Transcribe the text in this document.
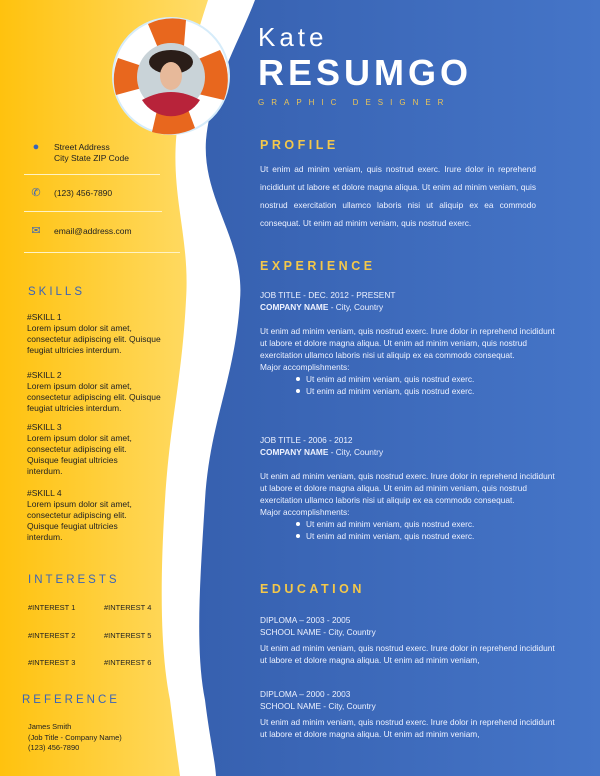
Kate
RESUMGO
GRAPHIC DESIGNER
●	Street Address
City State ZIP Code
✆ (123) 456-7890
✉ email@address.com
SKILLS
#SKILL 1
Lorem ipsum dolor sit amet, consectetur adipiscing elit. Quisque feugiat ultricies interdum.
#SKILL 2
Lorem ipsum dolor sit amet, consectetur adipiscing elit. Quisque feugiat ultricies interdum.
#SKILL 3
Lorem ipsum dolor sit amet, consectetur adipiscing elit. Quisque feugiat ultricies interdum.
#SKILL 4
Lorem ipsum dolor sit amet, consectetur adipiscing elit. Quisque feugiat ultricies interdum.
INTERESTS
#INTEREST 1	#INTEREST 4
#INTEREST 2	#INTEREST 5
#INTEREST 3	#INTEREST 6
REFERENCE
James Smith
(Job Title - Company Name)
(123) 456-7890
PROFILE
Ut enim ad minim veniam, quis nostrud exerc. Irure dolor in reprehend incididunt ut labore et dolore magna aliqua. Ut enim ad minim veniam, quis nostrud exercitation ullamco laboris nisi ut aliquip ex ea commodo consequat. Ut enim ad minim veniam, quis nostrud exerc.
EXPERIENCE
JOB TITLE - DEC. 2012 - PRESENT
COMPANY NAME - City, Country
Ut enim ad minim veniam, quis nostrud exerc. Irure dolor in reprehend incididunt ut labore et dolore magna aliqua. Ut enim ad minim veniam, quis nostrud exercitation ullamco laboris nisi ut aliquip ex ea commodo consequat.
Major accomplishments:
Ut enim ad minim veniam, quis nostrud exerc.
Ut enim ad minim veniam, quis nostrud exerc.
JOB TITLE - 2006 - 2012
COMPANY NAME - City, Country
Ut enim ad minim veniam, quis nostrud exerc. Irure dolor in reprehend incididunt ut labore et dolore magna aliqua. Ut enim ad minim veniam, quis nostrud exercitation ullamco laboris nisi ut aliquip ex ea commodo consequat.
Major accomplishments:
Ut enim ad minim veniam, quis nostrud exerc.
Ut enim ad minim veniam, quis nostrud exerc.
EDUCATION
DIPLOMA – 2003 - 2005
SCHOOL NAME - City, Country
Ut enim ad minim veniam, quis nostrud exerc. Irure dolor in reprehend incididunt ut labore et dolore magna aliqua. Ut enim ad minim veniam,
DIPLOMA – 2000 - 2003
SCHOOL NAME - City, Country
Ut enim ad minim veniam, quis nostrud exerc. Irure dolor in reprehend incididunt ut labore et dolore magna aliqua. Ut enim ad minim veniam,
